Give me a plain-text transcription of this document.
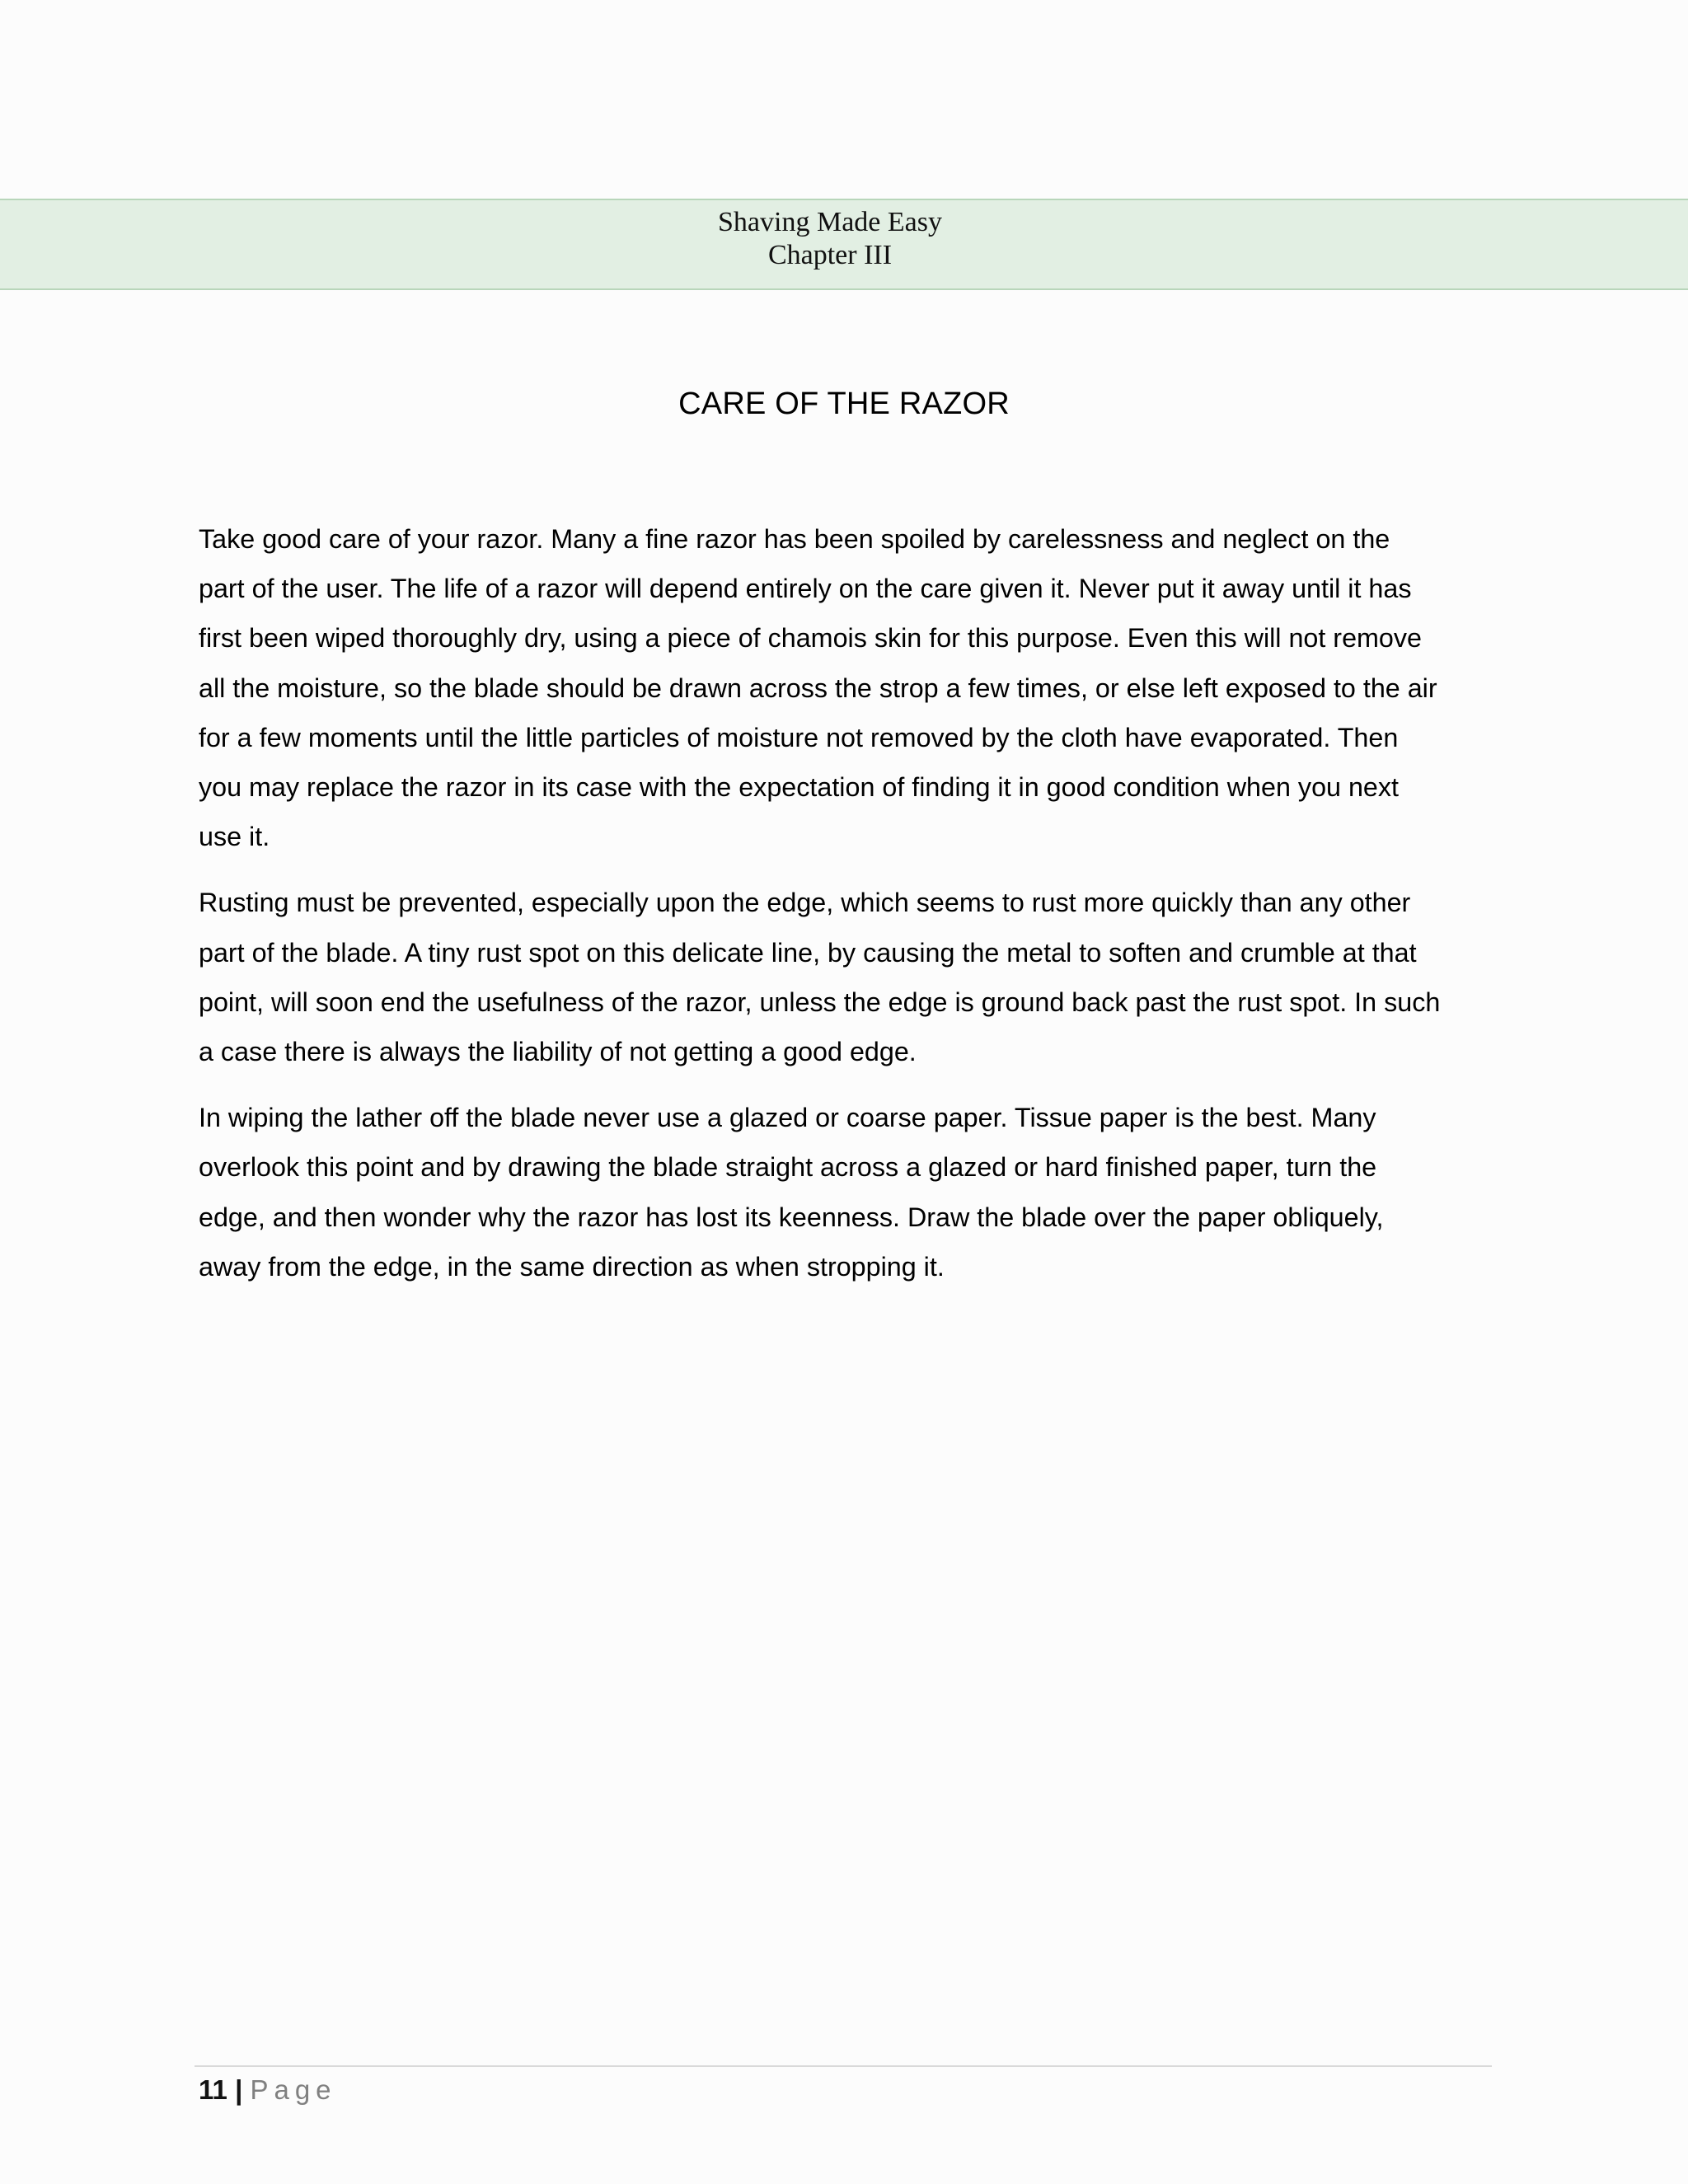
Shaving Made Easy
Chapter III
CARE OF THE RAZOR

Take good care of your razor. Many a fine razor has been spoiled by carelessness and neglect on the
part of the user. The life of a razor will depend entirely on the care given it. Never put it away until it has
first been wiped thoroughly dry, using a piece of chamois skin for this purpose. Even this will not remove
all the moisture, so the blade should be drawn across the strop a few times, or else left exposed to the air
for a few moments until the little particles of moisture not removed by the cloth have evaporated. Then
you may replace the razor in its case with the expectation of finding it in good condition when you next
use it.

Rusting must be prevented, especially upon the edge, which seems to rust more quickly than any other
part of the blade. A tiny rust spot on this delicate line, by causing the metal to soften and crumble at that
point, will soon end the usefulness of the razor, unless the edge is ground back past the rust spot. In such
a case there is always the liability of not getting a good edge.

In wiping the lather off the blade never use a glazed or coarse paper. Tissue paper is the best. Many
overlook this point and by drawing the blade straight across a glazed or hard finished paper, turn the
edge, and then wonder why the razor has lost its keenness. Draw the blade over the paper obliquely,
away from the edge, in the same direction as when stropping it.

11 | Page
